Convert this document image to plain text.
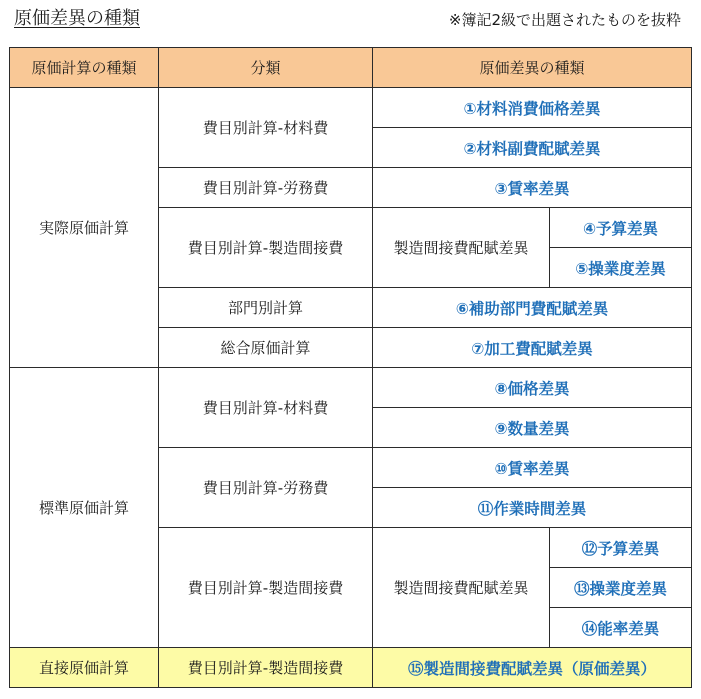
原価差異の種類	※簿記2級で出題されたものを抜粋
原価計算の種類	分類	原価差異の種類	
実際原価計算	費目別計算-材料費	①材料消費価格差異	
		②材料副費配賦差異	
	費目別計算-労務費	③賃率差異	
	費目別計算-製造間接費	製造間接費配賦差異	④予算差異
			⑤操業度差異
	部門別計算	⑥補助部門費配賦差異	
	総合原価計算	⑦加工費配賦差異	
標準原価計算	費目別計算-材料費	⑧価格差異	
		⑨数量差異	
	費目別計算-労務費	⑩賃率差異	
		⑪作業時間差異	
	費目別計算-製造間接費	製造間接費配賦差異	⑫予算差異
			⑬操業度差異
			⑭能率差異
直接原価計算	費目別計算-製造間接費	⑮製造間接費配賦差異（原価差異）	
